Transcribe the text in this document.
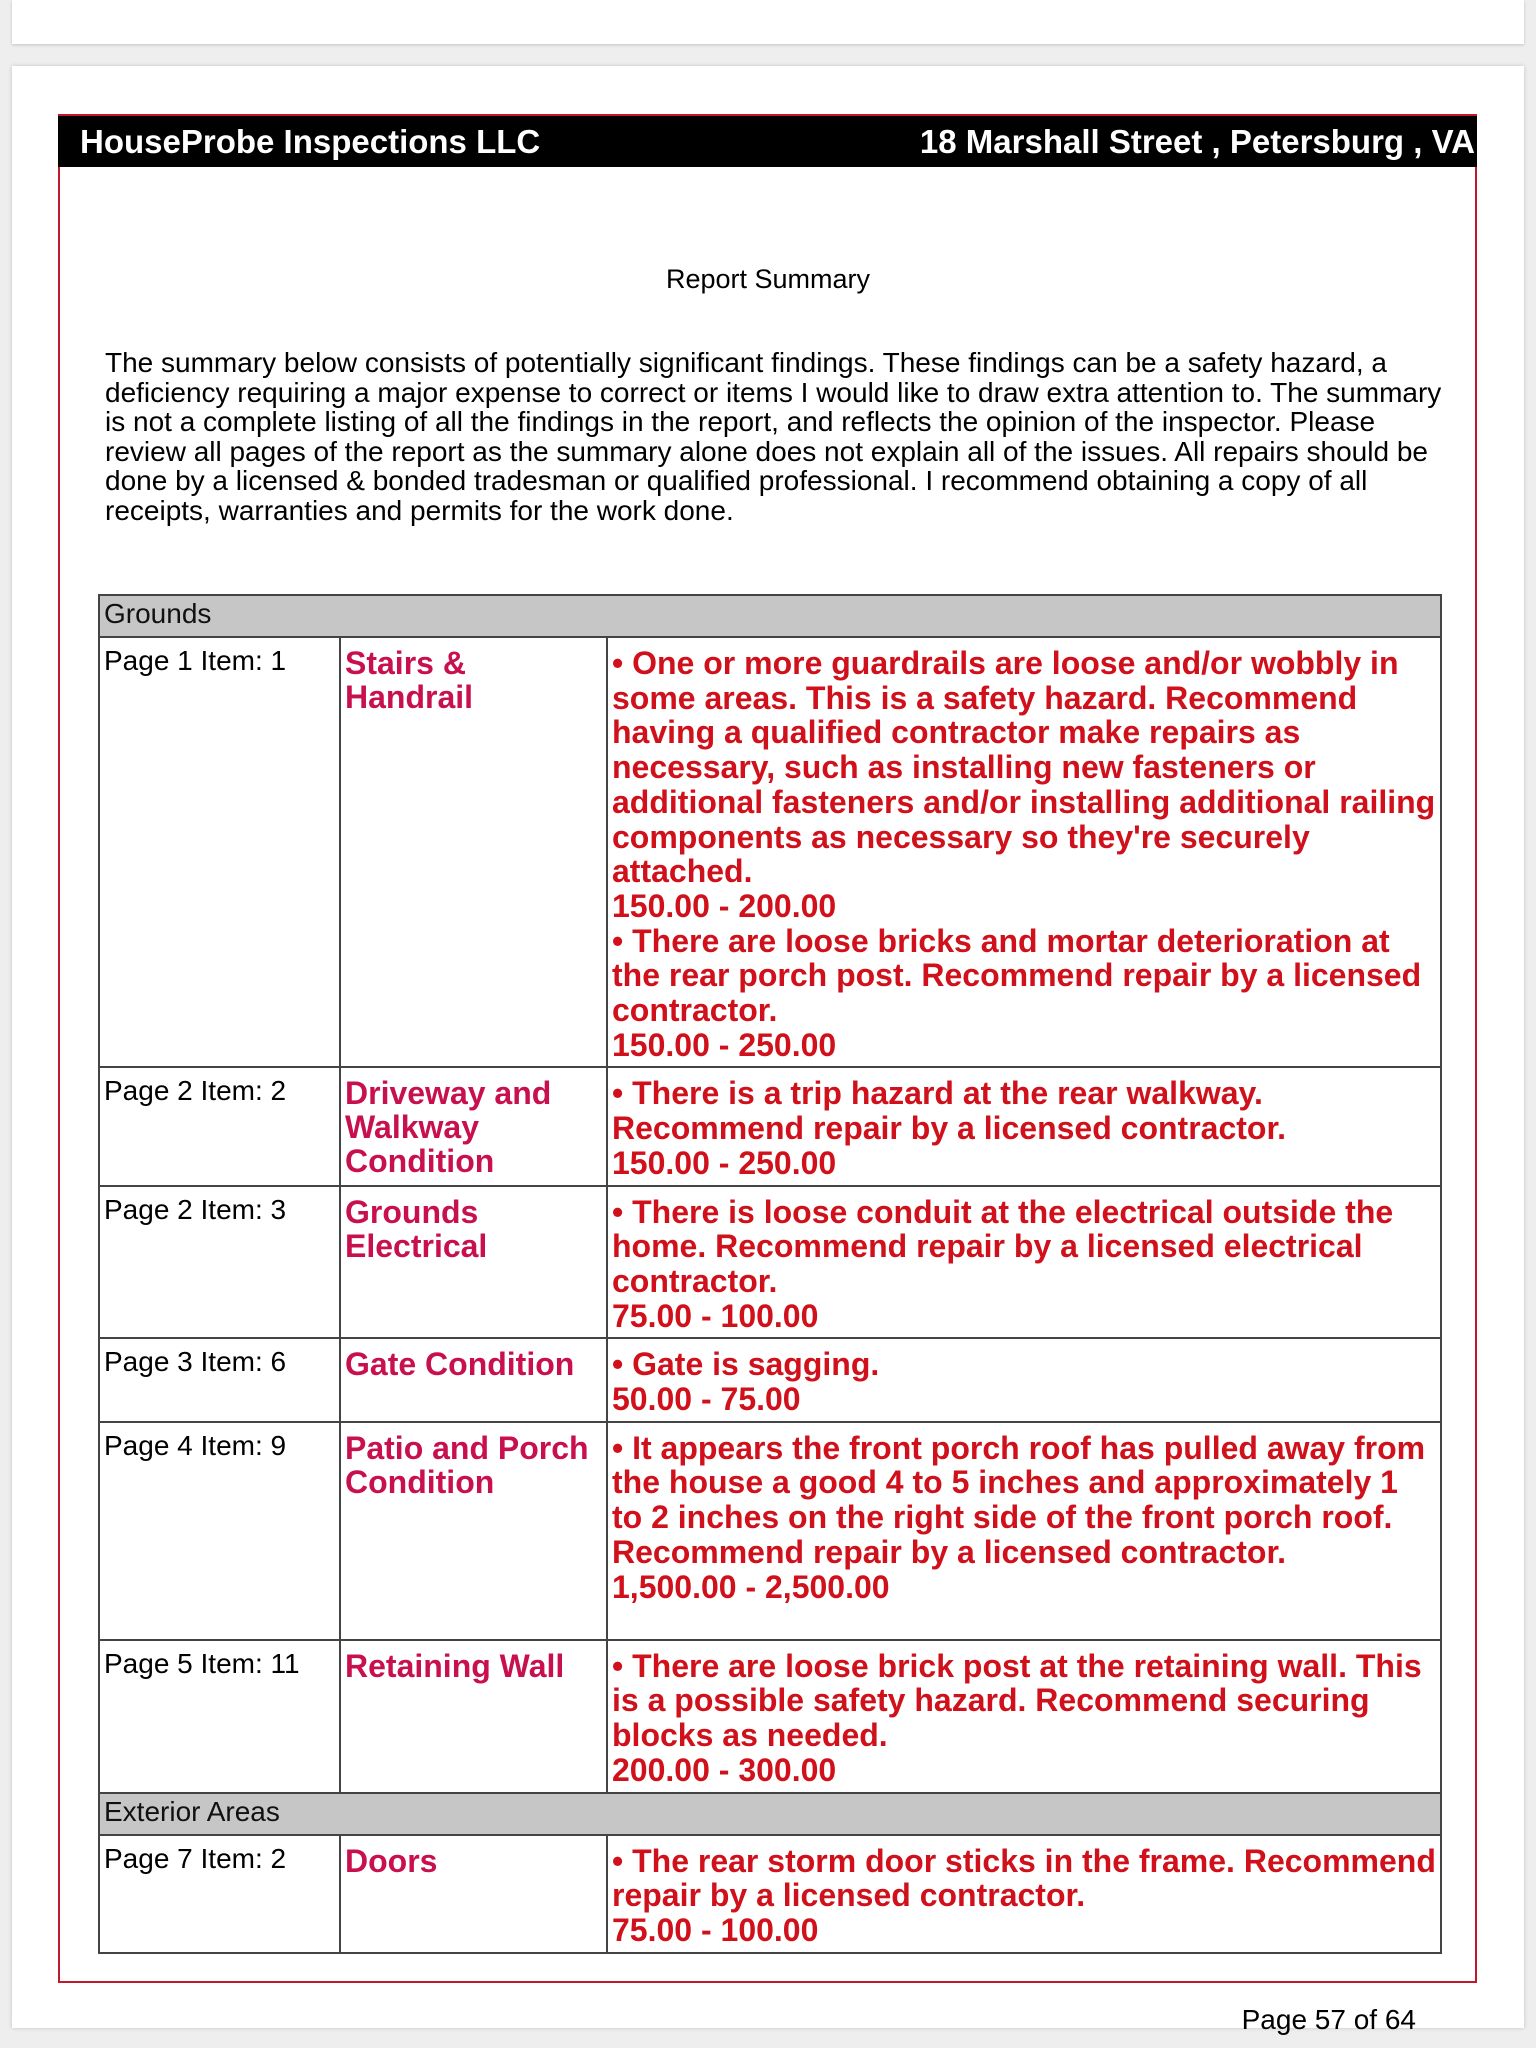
HouseProbe Inspections LLC	18 Marshall Street , Petersburg , VA
Report Summary

The summary below consists of potentially significant findings. These findings can be a safety hazard, a deficiency requiring a major expense to correct or items I would like to draw extra attention to. The summary is not a complete listing of all the findings in the report, and reflects the opinion of the inspector. Please review all pages of the report as the summary alone does not explain all of the issues. All repairs should be done by a licensed & bonded tradesman or qualified professional. I recommend obtaining a copy of all receipts, warranties and permits for the work done.

Grounds		
Page 1 Item: 1	Stairs & Handrail	• One or more guardrails are loose and/or wobbly in some areas. This is a safety hazard. Recommend having a qualified contractor make repairs as necessary, such as installing new fasteners or additional fasteners and/or installing additional railing components as necessary so they're securely attached.
150.00 - 200.00
• There are loose bricks and mortar deterioration at the rear porch post. Recommend repair by a licensed contractor.
150.00 - 250.00

Page 2 Item: 2	Driveway and Walkway Condition	• There is a trip hazard at the rear walkway. Recommend repair by a licensed contractor.
150.00 - 250.00

Page 2 Item: 3	Grounds Electrical	• There is loose conduit at the electrical outside the home. Recommend repair by a licensed electrical contractor.
75.00 - 100.00

Page 3 Item: 6	Gate Condition	• Gate is sagging.
50.00 - 75.00

Page 4 Item: 9	Patio and Porch Condition	• It appears the front porch roof has pulled away from the house a good 4 to 5 inches and approximately 1 to 2 inches on the right side of the front porch roof. Recommend repair by a licensed contractor.
1,500.00 - 2,500.00

Page 5 Item: 11	Retaining Wall	• There are loose brick post at the retaining wall. This is a possible safety hazard. Recommend securing blocks as needed.
200.00 - 300.00

Exterior Areas		
Page 7 Item: 2	Doors	• The rear storm door sticks in the frame. Recommend repair by a licensed contractor.
75.00 - 100.00
Page 57 of 64
